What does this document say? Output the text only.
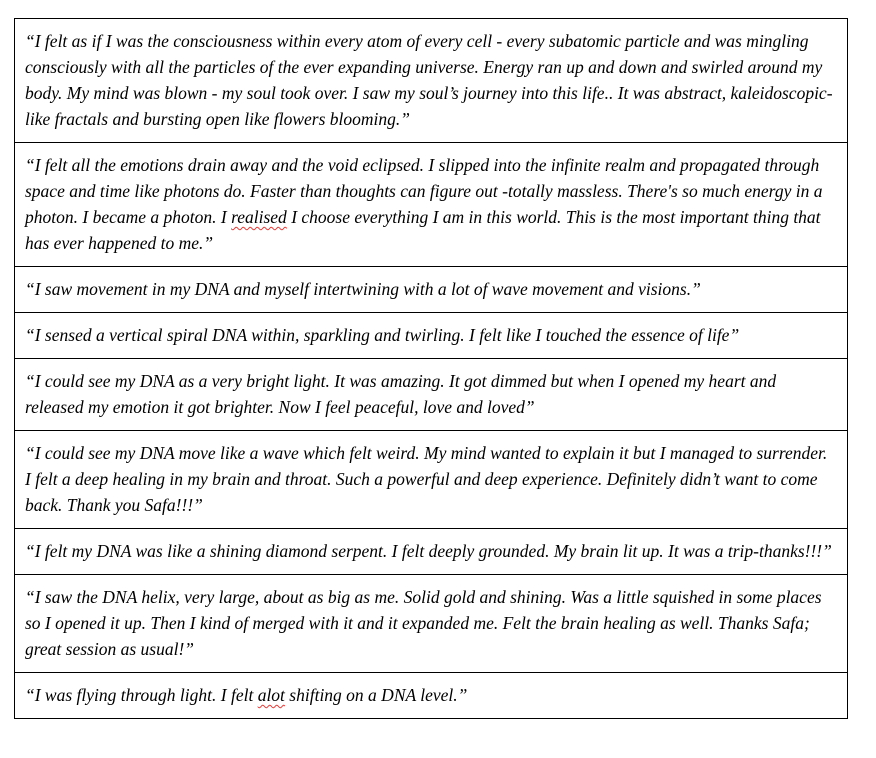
“I felt as if I was the consciousness within every atom of every cell - every subatomic particle and was mingling consciously with all the particles of the ever expanding universe. Energy ran up and down and swirled around my body. My mind was blown - my soul took over. I saw my soul’s journey into this life.. It was abstract, kaleidoscopic- like fractals and bursting open like flowers blooming.”
“I felt all the emotions drain away and the void eclipsed. I slipped into the infinite realm and propagated through space and time like photons do. Faster than thoughts can figure out -totally massless. There's so much energy in a photon. I became a photon. I realised I choose everything I am in this world. This is the most important thing that has ever happened to me.”
“I saw movement in my DNA and myself intertwining with a lot of wave movement and visions.”
“I sensed a vertical spiral DNA within, sparkling and twirling. I felt like I touched the essence of life”
“I could see my DNA as a very bright light. It was amazing. It got dimmed but when I opened my heart and released my emotion it got brighter. Now I feel peaceful, love and loved”
“I could see my DNA move like a wave which felt weird. My mind wanted to explain it but I managed to surrender. I felt a deep healing in my brain and throat. Such a powerful and deep experience. Definitely didn’t want to come back. Thank you Safa!!!”
“I felt my DNA was like a shining diamond serpent. I felt deeply grounded. My brain lit up. It was a trip-thanks!!!”
“I saw the DNA helix, very large, about as big as me. Solid gold and shining. Was a little squished in some places so I opened it up. Then I kind of merged with it and it expanded me. Felt the brain healing as well. Thanks Safa; great session as usual!”
“I was flying through light. I felt alot shifting on a DNA level.”
